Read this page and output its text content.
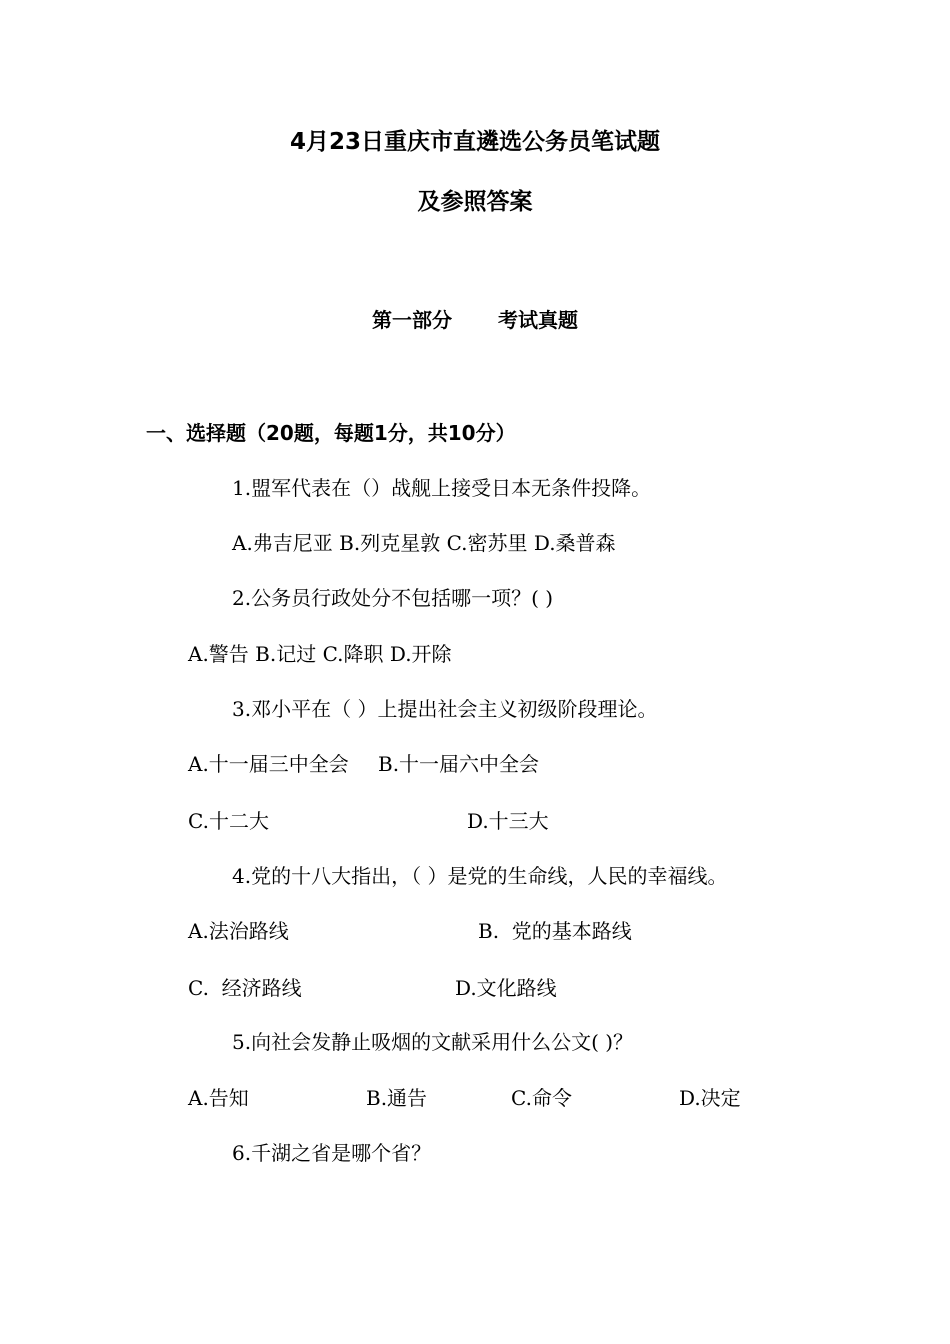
4月23日重庆市直遴选公务员笔试题
及参照答案
第一部分 考试真题
一、选择题（20题，每题1分，共10分）
1.盟军代表在（）战舰上接受日本无条件投降。
A.弗吉尼亚 B.列克星敦 C.密苏里 D.桑普森
2.公务员行政处分不包括哪一项？( )
A.警告 B.记过 C.降职 D.开除
3.邓小平在（ ）上提出社会主义初级阶段理论。
A.十一届三中全会 B.十一届六中全会
C.十二大	D.十三大
4.党的十八大指出，（ ）是党的生命线，人民的幸福线。
A.法治路线	B.  党的基本路线
C.  经济路线	D.文化路线
5.向社会发静止吸烟的文献采用什么公文( )？
A.告知	B.通告	C.命令	D.决定
6.千湖之省是哪个省？
